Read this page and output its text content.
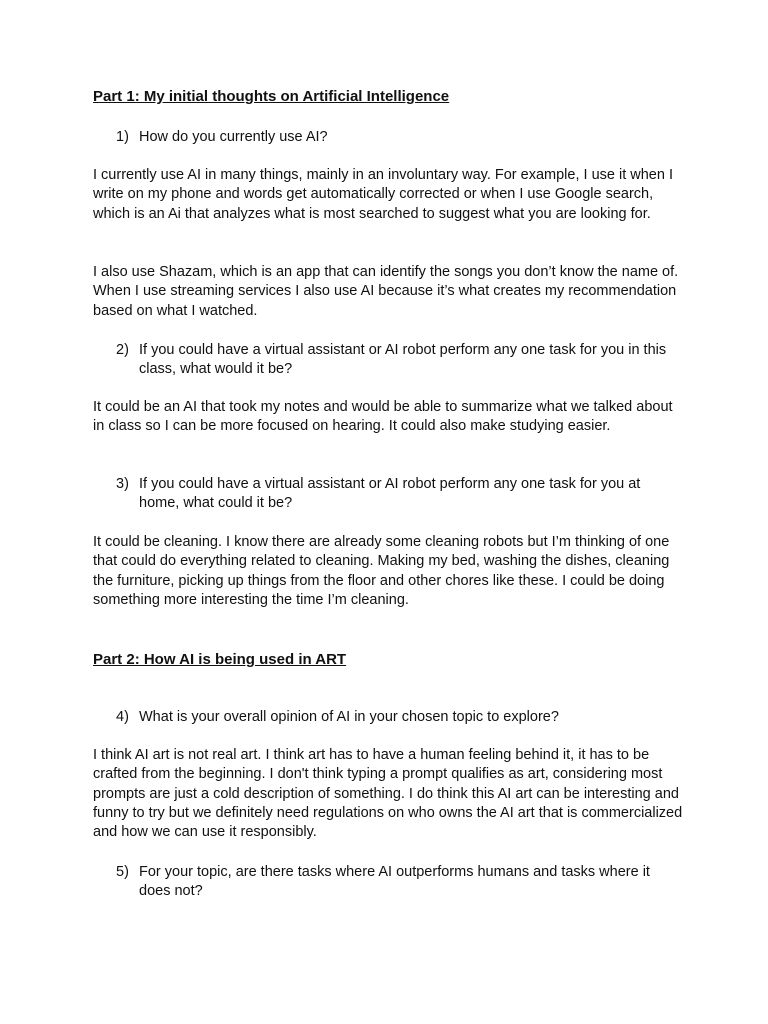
Part 1: My initial thoughts on Artificial Intelligence
1) How do you currently use AI?

I currently use AI in many things, mainly in an involuntary way. For example, I use it when I write on my phone and words get automatically corrected or when I use Google search, which is an Ai that analyzes what is most searched to suggest what you are looking for.

I also use Shazam, which is an app that can identify the songs you don’t know the name of. When I use streaming services I also use AI because it’s what creates my recommendation based on what I watched.

2) If you could have a virtual assistant or AI robot perform any one task for you in this class, what would it be?

It could be an AI that took my notes and would be able to summarize what we talked about in class so I can be more focused on hearing. It could also make studying easier.

3) If you could have a virtual assistant or AI robot perform any one task for you at home, what could it be?

It could be cleaning. I know there are already some cleaning robots but I’m thinking of one that could do everything related to cleaning. Making my bed, washing the dishes, cleaning the furniture, picking up things from the floor and other chores like these. I could be doing something more interesting the time I’m cleaning.

Part 2: How AI is being used in ART
4) What is your overall opinion of AI in your chosen topic to explore?

I think AI art is not real art. I think art has to have a human feeling behind it, it has to be crafted from the beginning. I don't think typing a prompt qualifies as art, considering most prompts are just a cold description of something. I do think this AI art can be interesting and funny to try but we definitely need regulations on who owns the AI art that is commercialized and how we can use it responsibly.

5) For your topic, are there tasks where AI outperforms humans and tasks where it does not?
